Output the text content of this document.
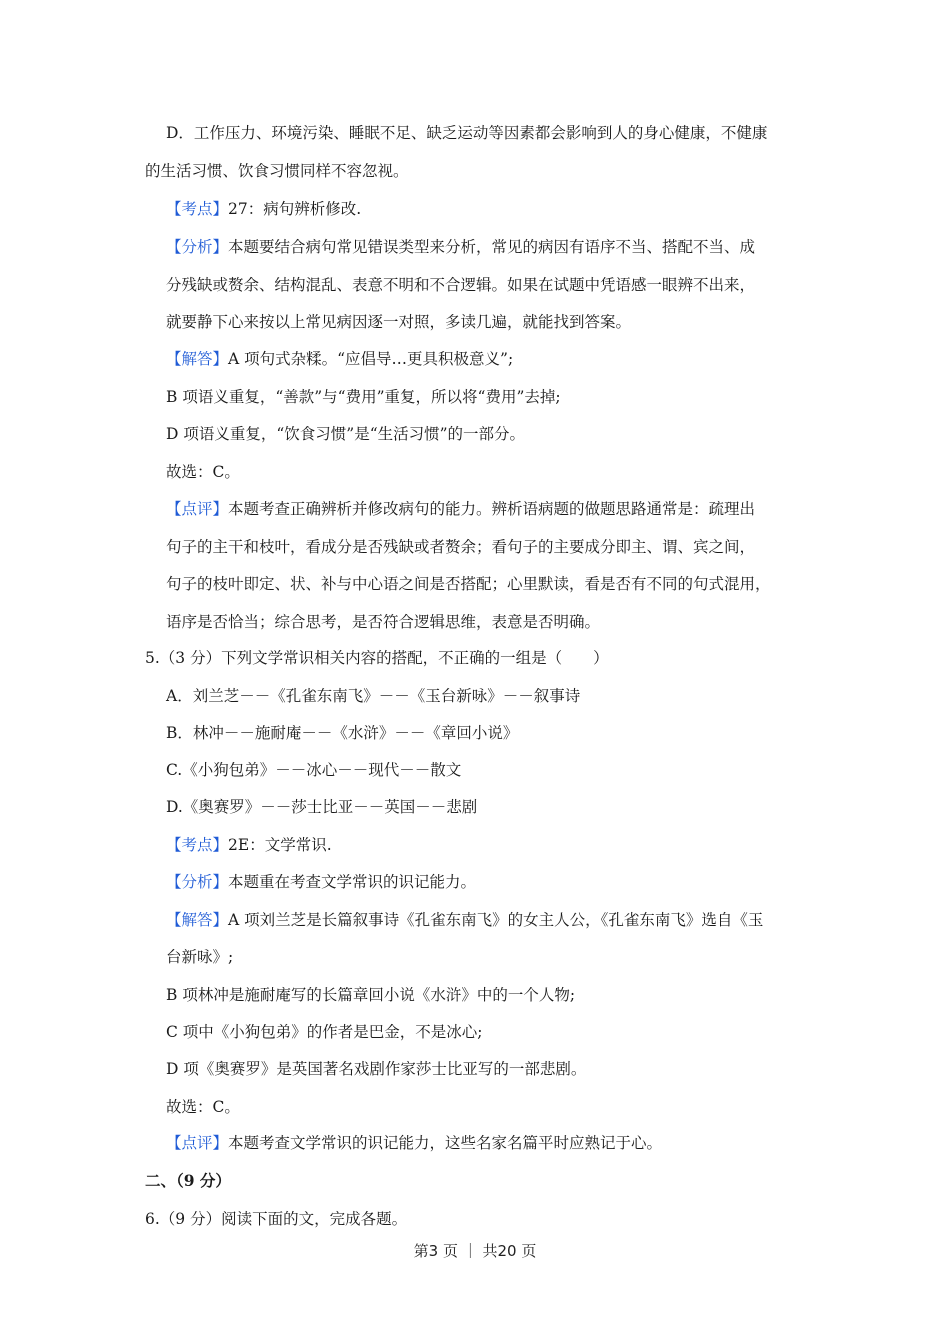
D．工作压力、环境污染、睡眠不足、缺乏运动等因素都会影响到人的身心健康，不健康
的生活习惯、饮食习惯同样不容忽视。
【考点】27：病句辨析修改.
【分析】本题要结合病句常见错误类型来分析，常见的病因有语序不当、搭配不当、成
分残缺或赘余、结构混乱、表意不明和不合逻辑。如果在试题中凭语感一眼辨不出来，
就要静下心来按以上常见病因逐一对照，多读几遍，就能找到答案。
【解答】A 项句式杂糅。“应倡导…更具积极意义”;
B 项语义重复，“善款”与“费用”重复，所以将“费用”去掉;
D 项语义重复，“饮食习惯”是“生活习惯”的一部分。
故选：C。
【点评】本题考查正确辨析并修改病句的能力。辨析语病题的做题思路通常是：疏理出
句子的主干和枝叶，看成分是否残缺或者赘余；看句子的主要成分即主、谓、宾之间，
句子的枝叶即定、状、补与中心语之间是否搭配；心里默读，看是否有不同的句式混用，
语序是否恰当；综合思考，是否符合逻辑思维，表意是否明确。
5.（3 分）下列文学常识相关内容的搭配，不正确的一组是（　　）
A．刘兰芝－－《孔雀东南飞》－－《玉台新咏》－－叙事诗
B．林冲－－施耐庵－－《水浒》－－《章回小说》
C.《小狗包弟》－－冰心－－现代－－散文
D.《奥赛罗》－－莎士比亚－－英国－－悲剧
【考点】2E：文学常识.
【分析】本题重在考查文学常识的识记能力。
【解答】A 项刘兰芝是长篇叙事诗《孔雀东南飞》的女主人公，《孔雀东南飞》选自《玉
台新咏》;
B 项林冲是施耐庵写的长篇章回小说《水浒》中的一个人物;
C 项中《小狗包弟》的作者是巴金，不是冰心;
D 项《奥赛罗》是英国著名戏剧作家莎士比亚写的一部悲剧。
故选：C。
【点评】本题考查文学常识的识记能力，这些名家名篇平时应熟记于心。
二、（9 分）
6.（9 分）阅读下面的文，完成各题。
第3 页 ｜ 共20 页
